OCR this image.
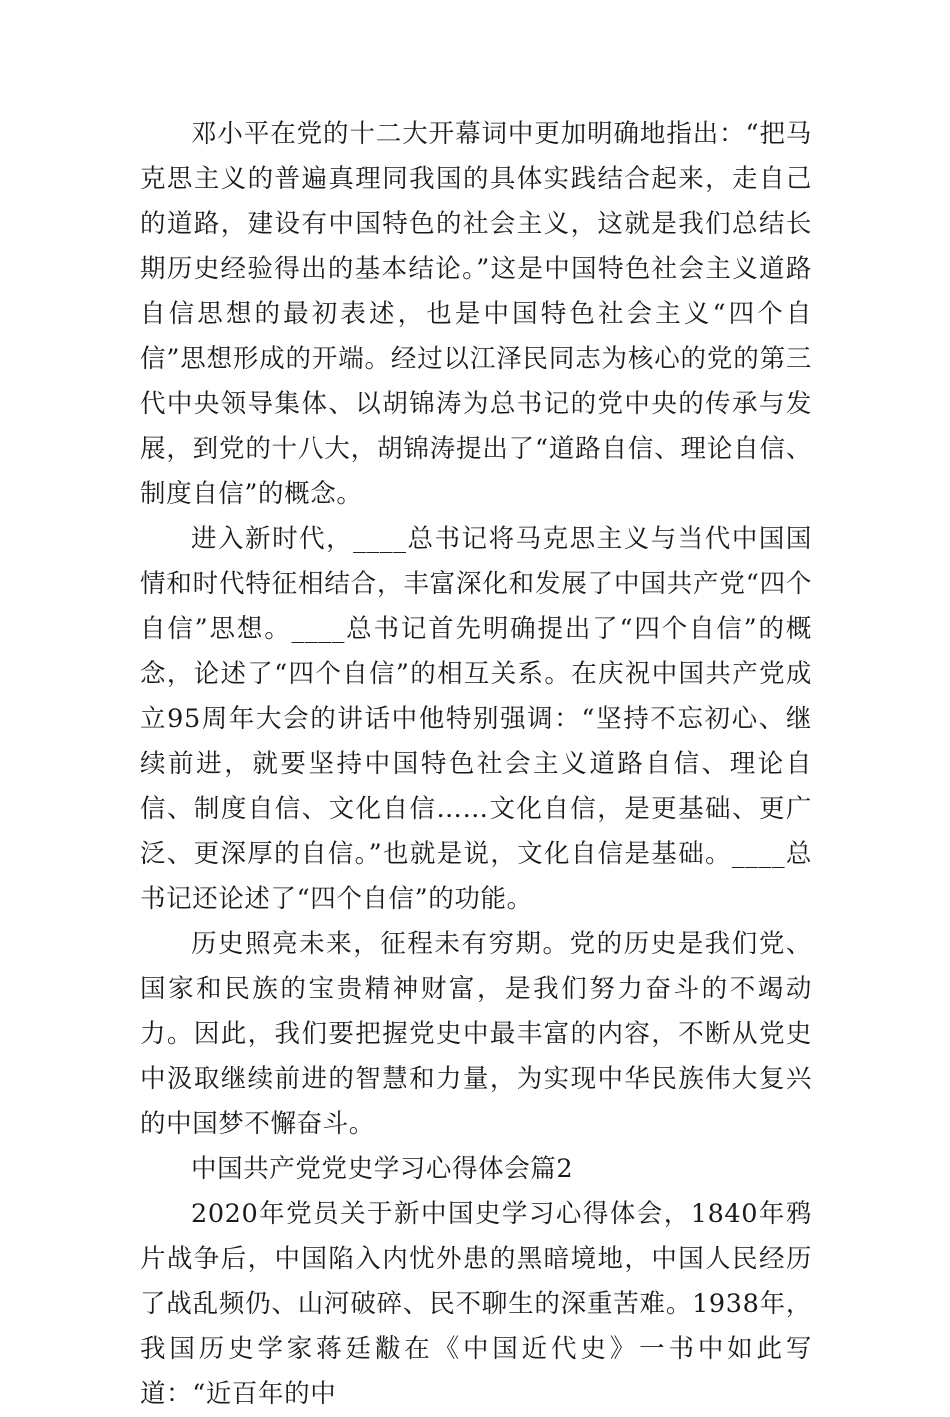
邓小平在党的十二大开幕词中更加明确地指出：“把马克思主义的普遍真理同我国的具体实践结合起来，走自己的道路，建设有中国特色的社会主义，这就是我们总结长期历史经验得出的基本结论。”这是中国特色社会主义道路自信思想的最初表述，也是中国特色社会主义“四个自信”思想形成的开端。经过以江泽民同志为核心的党的第三代中央领导集体、以胡锦涛为总书记的党中央的传承与发展，到党的十八大，胡锦涛提出了“道路自信、理论自信、制度自信”的概念。

进入新时代，____总书记将马克思主义与当代中国国情和时代特征相结合，丰富深化和发展了中国共产党“四个自信”思想。____总书记首先明确提出了“四个自信”的概念，论述了“四个自信”的相互关系。在庆祝中国共产党成立95周年大会的讲话中他特别强调：“坚持不忘初心、继续前进，就要坚持中国特色社会主义道路自信、理论自信、制度自信、文化自信……文化自信，是更基础、更广泛、更深厚的自信。”也就是说，文化自信是基础。____总书记还论述了“四个自信”的功能。

历史照亮未来，征程未有穷期。党的历史是我们党、国家和民族的宝贵精神财富，是我们努力奋斗的不竭动力。因此，我们要把握党史中最丰富的内容，不断从党史中汲取继续前进的智慧和力量，为实现中华民族伟大复兴的中国梦不懈奋斗。

中国共产党党史学习心得体会篇2

2020年党员关于新中国史学习心得体会，1840年鸦片战争后，中国陷入内忧外患的黑暗境地，中国人民经历了战乱频仍、山河破碎、民不聊生的深重苦难。1938年，我国历史学家蒋廷黻在《中国近代史》一书中如此写道：“近百年的中
